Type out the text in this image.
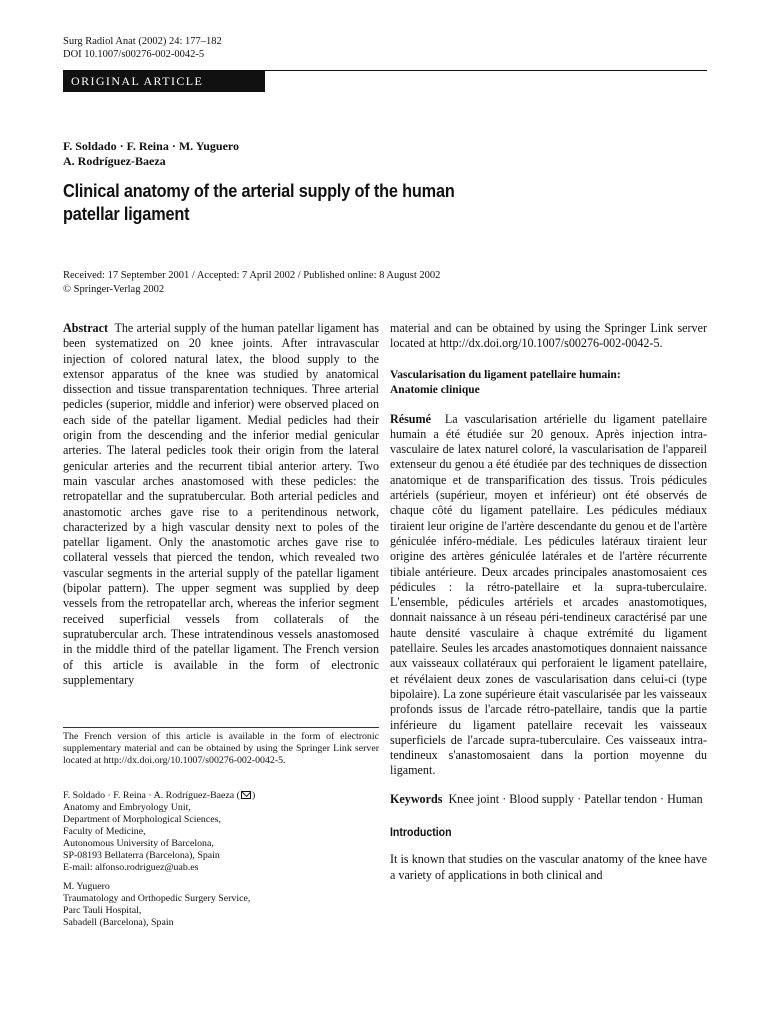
Surg Radiol Anat (2002) 24: 177–182
DOI 10.1007/s00276-002-0042-5
ORIGINAL ARTICLE
F. Soldado · F. Reina · M. Yuguero
A. Rodríguez-Baeza
Clinical anatomy of the arterial supply of the human
patellar ligament
Received: 17 September 2001 / Accepted: 7 April 2002 / Published online: 8 August 2002
© Springer-Verlag 2002

Abstract The arterial supply of the human patellar ligament has been systematized on 20 knee joints. After intravascular injection of colored natural latex, the blood supply to the extensor apparatus of the knee was studied by anatomical dissection and tissue transparentation techniques. Three arterial pedicles (superior, middle and inferior) were observed placed on each side of the patellar ligament. Medial pedicles had their origin from the descending and the inferior medial genicular arteries. The lateral pedicles took their origin from the lateral genicular arteries and the recurrent tibial anterior artery. Two main vascular arches anastomosed with these pedicles: the retropatellar and the supratubercular. Both arterial pedicles and anastomotic arches gave rise to a peritendinous network, characterized by a high vascular density next to poles of the patellar ligament. Only the anastomotic arches gave rise to collateral vessels that pierced the tendon, which revealed two vascular segments in the arterial supply of the patellar ligament (bipolar pattern). The upper segment was supplied by deep vessels from the retropatellar arch, whereas the inferior segment received superficial vessels from collaterals of the supratubercular arch. These intratendinous vessels anastomosed in the middle third of the patellar ligament. The French version of this article is available in the form of electronic supplementary

The French version of this article is available in the form of electronic supplementary material and can be obtained by using the Springer Link server located at http://dx.doi.org/10.1007/s00276-002-0042-5.

F. Soldado · F. Reina · A. Rodríguez-Baeza ( )

Anatomy and Embryology Unit,

Department of Morphological Sciences,

Faculty of Medicine,

Autonomous University of Barcelona,

SP-08193 Bellaterra (Barcelona), Spain

E-mail: alfonso.rodriguez@uab.es

M. Yuguero

Traumatology and Orthopedic Surgery Service,

Parc Tauli Hospital,

Sabadell (Barcelona), Spain

material and can be obtained by using the Springer Link server located at http://dx.doi.org/10.1007/s00276-002-0042-5.

Vascularisation du ligament patellaire humain:

Anatomie clinique

Résumé La vascularisation artérielle du ligament patellaire humain a été étudiée sur 20 genoux. Après injection intra-vasculaire de latex naturel coloré, la vascularisation de l'appareil extenseur du genou a été étudiée par des techniques de dissection anatomique et de transparification des tissus. Trois pédicules artériels (supérieur, moyen et inférieur) ont été observés de chaque côté du ligament patellaire. Les pédicules médiaux tiraient leur origine de l'artère descendante du genou et de l'artère géniculée inféro-médiale. Les pédicules latéraux tiraient leur origine des artères géniculée latérales et de l'artère récurrente tibiale antérieure. Deux arcades principales anastomosaient ces pédicules : la rétro-patellaire et la supra-tuberculaire. L'ensemble, pédicules artériels et arcades anastomotiques, donnait naissance à un réseau péri-tendineux caractérisé par une haute densité vasculaire à chaque extrémité du ligament patellaire. Seules les arcades anastomotiques donnaient naissance aux vaisseaux collatéraux qui perforaient le ligament patellaire, et révélaient deux zones de vascularisation dans celui-ci (type bipolaire). La zone supérieure était vascularisée par les vaisseaux profonds issus de l'arcade rétro-patellaire, tandis que la partie inférieure du ligament patellaire recevait les vaisseaux superficiels de l'arcade supra-tuberculaire. Ces vaisseaux intra-tendineux s'anastomosaient dans la portion moyenne du ligament.

Keywords Knee joint · Blood supply · Patellar tendon · Human

Introduction

It is known that studies on the vascular anatomy of the knee have a variety of applications in both clinical and
